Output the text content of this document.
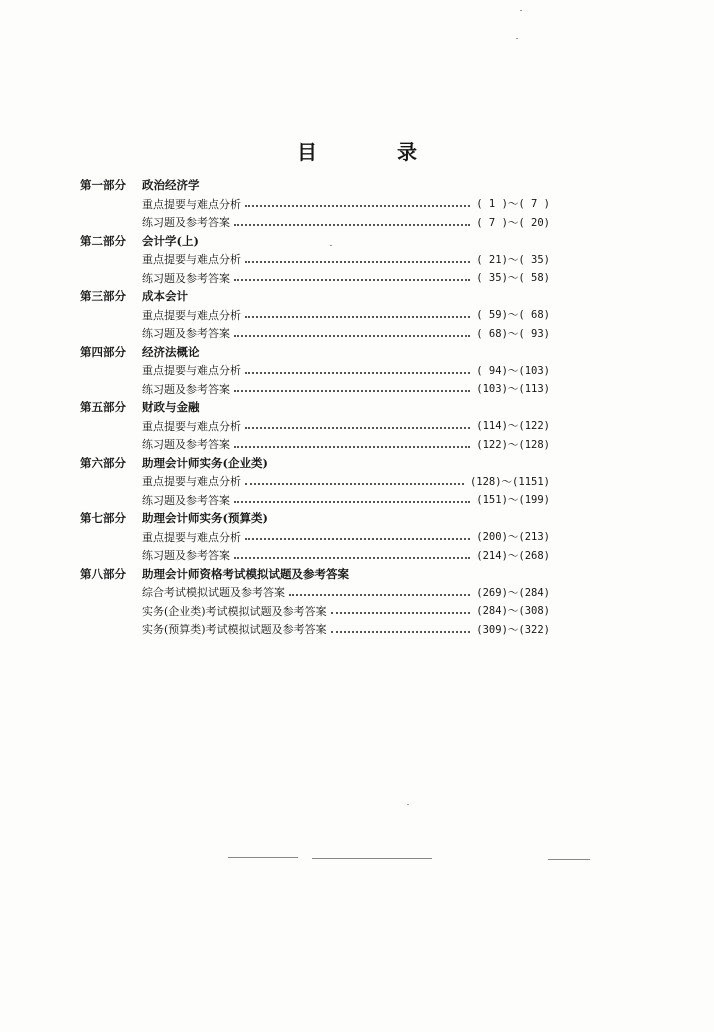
目　录
第一部分	政治经济学
重点提要与难点分析	( 1 )～( 7 )
练习题及参考答案	( 7 )～( 20)
第二部分	会计学(上)
重点提要与难点分析	( 21)～( 35)
练习题及参考答案	( 35)～( 58)
第三部分	成本会计
重点提要与难点分析	( 59)～( 68)
练习题及参考答案	( 68)～( 93)
第四部分	经济法概论
重点提要与难点分析	( 94)～(103)
练习题及参考答案	(103)～(113)
第五部分	财政与金融
重点提要与难点分析	(114)～(122)
练习题及参考答案	(122)～(128)
第六部分	助理会计师实务(企业类)
重点提要与难点分析	(128)～(1151)
练习题及参考答案	(151)～(199)
第七部分	助理会计师实务(预算类)
重点提要与难点分析	(200)～(213)
练习题及参考答案	(214)～(268)
第八部分	助理会计师资格考试模拟试题及参考答案
综合考试模拟试题及参考答案	(269)～(284)
实务(企业类)考试模拟试题及参考答案	(284)～(308)
实务(预算类)考试模拟试题及参考答案	(309)～(322)
